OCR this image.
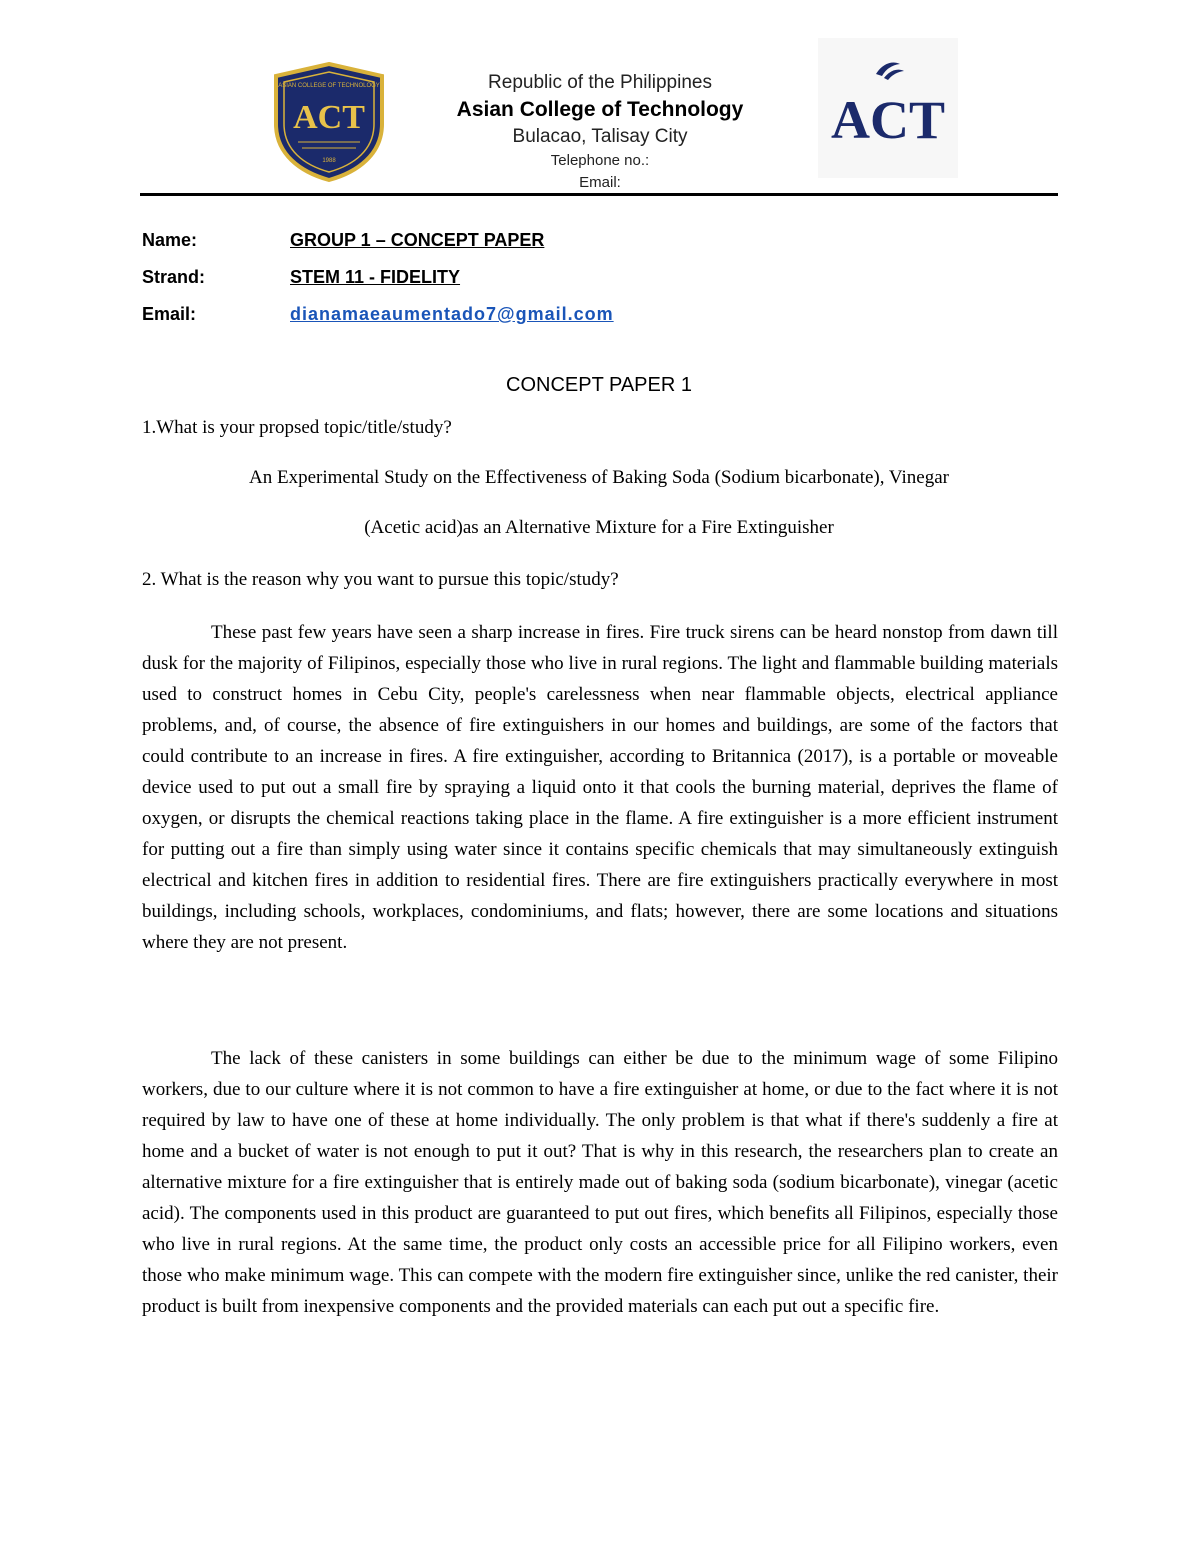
ACT
ASIAN COLLEGE OF TECHNOLOGY
1988
Republic of the Philippines
Asian College of Technology
Bulacao, Talisay City
Telephone no.:
Email:
ACT
Name:	GROUP 1 – CONCEPT PAPER
Strand:	STEM 11 - FIDELITY
Email:	dianamaeaumentado7@gmail.com
CONCEPT PAPER 1
1.What is your propsed topic/title/study?
An Experimental Study on the Effectiveness of Baking Soda (Sodium bicarbonate), Vinegar
(Acetic acid)as an Alternative Mixture for a Fire Extinguisher
2. What is the reason why you want to pursue this topic/study?

These past few years have seen a sharp increase in fires. Fire truck sirens can be heard nonstop from dawn till dusk for the majority of Filipinos, especially those who live in rural regions. The light and flammable building materials used to construct homes in Cebu City, people's carelessness when near flammable objects, electrical appliance problems, and, of course, the absence of fire extinguishers in our homes and buildings, are some of the factors that could contribute to an increase in fires. A fire extinguisher, according to Britannica (2017), is a portable or moveable device used to put out a small fire by spraying a liquid onto it that cools the burning material, deprives the flame of oxygen, or disrupts the chemical reactions taking place in the flame. A fire extinguisher is a more efficient instrument for putting out a fire than simply using water since it contains specific chemicals that may simultaneously extinguish electrical and kitchen fires in addition to residential fires. There are fire extinguishers practically everywhere in most buildings, including schools, workplaces, condominiums, and flats; however, there are some locations and situations where they are not present.

The lack of these canisters in some buildings can either be due to the minimum wage of some Filipino workers, due to our culture where it is not common to have a fire extinguisher at home, or due to the fact where it is not required by law to have one of these at home individually. The only problem is that what if there's suddenly a fire at home and a bucket of water is not enough to put it out? That is why in this research, the researchers plan to create an alternative mixture for a fire extinguisher that is entirely made out of baking soda (sodium bicarbonate), vinegar (acetic acid). The components used in this product are guaranteed to put out fires, which benefits all Filipinos, especially those who live in rural regions. At the same time, the product only costs an accessible price for all Filipino workers, even those who make minimum wage. This can compete with the modern fire extinguisher since, unlike the red canister, their product is built from inexpensive components and the provided materials can each put out a specific fire.
